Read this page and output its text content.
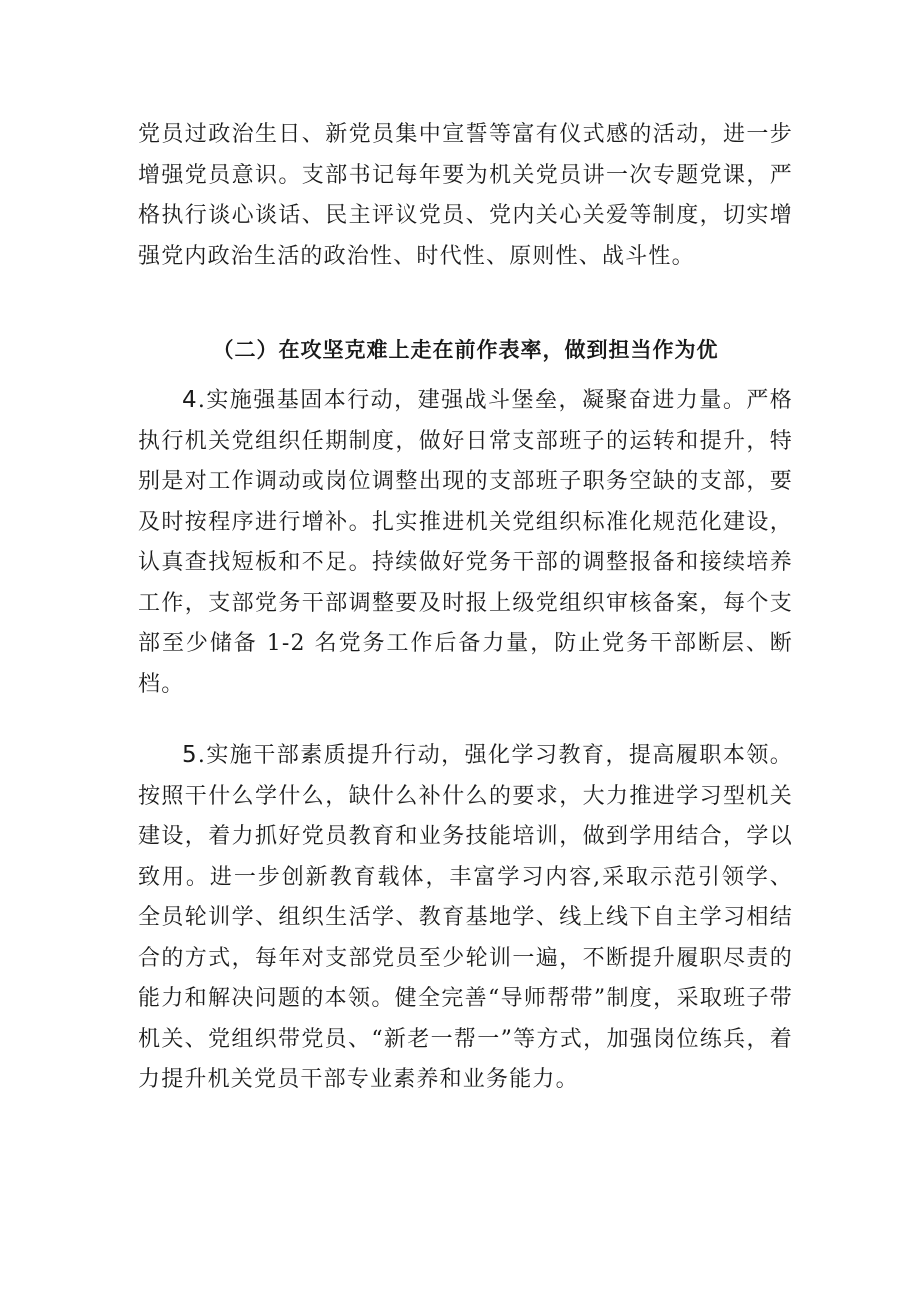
党员过政治生日、新党员集中宣誓等富有仪式感的活动，进一步增强党员意识。支部书记每年要为机关党员讲一次专题党课，严格执行谈心谈话、民主评议党员、党内关心关爱等制度，切实增强党内政治生活的政治性、时代性、原则性、战斗性。
（二）在攻坚克难上走在前作表率，做到担当作为优
4.实施强基固本行动，建强战斗堡垒，凝聚奋进力量。严格执行机关党组织任期制度，做好日常支部班子的运转和提升，特别是对工作调动或岗位调整出现的支部班子职务空缺的支部，要及时按程序进行增补。扎实推进机关党组织标准化规范化建设，认真查找短板和不足。持续做好党务干部的调整报备和接续培养工作，支部党务干部调整要及时报上级党组织审核备案，每个支部至少储备 1-2 名党务工作后备力量，防止党务干部断层、断档。
5.实施干部素质提升行动，强化学习教育，提高履职本领。按照干什么学什么，缺什么补什么的要求，大力推进学习型机关建设，着力抓好党员教育和业务技能培训，做到学用结合，学以致用。进一步创新教育载体，丰富学习内容,采取示范引领学、全员轮训学、组织生活学、教育基地学、线上线下自主学习相结合的方式，每年对支部党员至少轮训一遍，不断提升履职尽责的能力和解决问题的本领。健全完善“导师帮带”制度，采取班子带机关、党组织带党员、“新老一帮一”等方式，加强岗位练兵，着力提升机关党员干部专业素养和业务能力。
